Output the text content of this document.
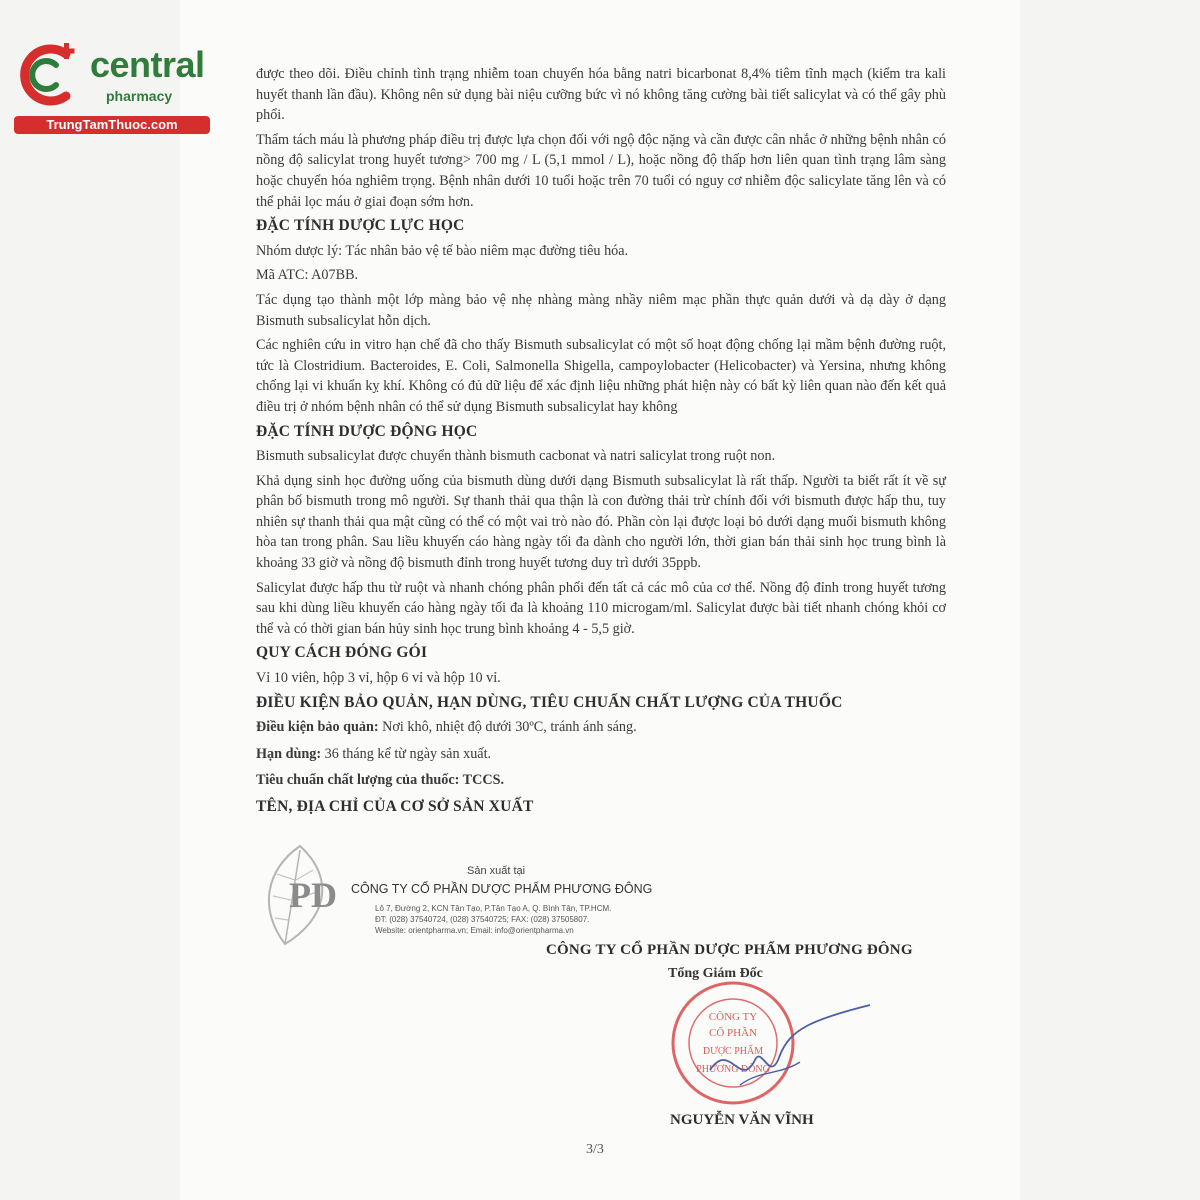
central
pharmacy
TrungTamThuoc.com

được theo dõi. Điều chỉnh tình trạng nhiễm toan chuyển hóa bằng natri bicarbonat 8,4% tiêm tĩnh mạch (kiểm tra kali huyết thanh lần đầu). Không nên sử dụng bài niệu cưỡng bức vì nó không tăng cường bài tiết salicylat và có thể gây phù phổi.

Thẩm tách máu là phương pháp điều trị được lựa chọn đối với ngộ độc nặng và cần được cân nhắc ở những bệnh nhân có nồng độ salicylat trong huyết tương> 700 mg / L (5,1 mmol / L), hoặc nồng độ thấp hơn liên quan tình trạng lâm sàng hoặc chuyển hóa nghiêm trọng. Bệnh nhân dưới 10 tuổi hoặc trên 70 tuổi có nguy cơ nhiễm độc salicylate tăng lên và có thể phải lọc máu ở giai đoạn sớm hơn.

ĐẶC TÍNH DƯỢC LỰC HỌC

Nhóm dược lý: Tác nhân bảo vệ tế bào niêm mạc đường tiêu hóa.

Mã ATC: A07BB.

Tác dụng tạo thành một lớp màng bảo vệ nhẹ nhàng màng nhầy niêm mạc phần thực quản dưới và dạ dày ở dạng Bismuth subsalicylat hỗn dịch.

Các nghiên cứu in vitro hạn chế đã cho thấy Bismuth subsalicylat có một số hoạt động chống lại mầm bệnh đường ruột, tức là Clostridium. Bacteroides, E. Coli, Salmonella Shigella, campoylobacter (Helicobacter) và Yersina, nhưng không chống lại vi khuẩn kỵ khí. Không có đủ dữ liệu để xác định liệu những phát hiện này có bất kỳ liên quan nào đến kết quả điều trị ở nhóm bệnh nhân có thể sử dụng Bismuth subsalicylat hay không

ĐẶC TÍNH DƯỢC ĐỘNG HỌC

Bismuth subsalicylat được chuyển thành bismuth cacbonat và natri salicylat trong ruột non.

Khả dụng sinh học đường uống của bismuth dùng dưới dạng Bismuth subsalicylat là rất thấp. Người ta biết rất ít về sự phân bố bismuth trong mô người. Sự thanh thải qua thận là con đường thải trừ chính đối với bismuth được hấp thu, tuy nhiên sự thanh thải qua mật cũng có thể có một vai trò nào đó. Phần còn lại được loại bỏ dưới dạng muối bismuth không hòa tan trong phân. Sau liều khuyến cáo hàng ngày tối đa dành cho người lớn, thời gian bán thải sinh học trung bình là khoảng 33 giờ và nồng độ bismuth đỉnh trong huyết tương duy trì dưới 35ppb.

Salicylat được hấp thu từ ruột và nhanh chóng phân phối đến tất cả các mô của cơ thể. Nồng độ đỉnh trong huyết tương sau khi dùng liều khuyến cáo hàng ngày tối đa là khoảng 110 microgam/ml. Salicylat được bài tiết nhanh chóng khỏi cơ thể và có thời gian bán hủy sinh học trung bình khoảng 4 - 5,5 giờ.

QUY CÁCH ĐÓNG GÓI

Vỉ 10 viên, hộp 3 vỉ, hộp 6 vỉ và hộp 10 vỉ.

ĐIỀU KIỆN BẢO QUẢN, HẠN DÙNG, TIÊU CHUẨN CHẤT LƯỢNG CỦA THUỐC

Điều kiện bảo quản: Nơi khô, nhiệt độ dưới 30ºC, tránh ánh sáng.

Hạn dùng: 36 tháng kể từ ngày sản xuất.

Tiêu chuẩn chất lượng của thuốc: TCCS.

TÊN, ĐỊA CHỈ CỦA CƠ SỞ SẢN XUẤT
Sản xuất tại
PD CÔNG TY CỔ PHẦN DƯỢC PHẨM PHƯƠNG ĐÔNG
Lô 7, Đường 2, KCN Tân Tạo, P.Tân Tạo A, Q. Bình Tân, TP.HCM.
ĐT: (028) 37540724, (028) 37540725; FAX: (028) 37505807.
Website: orientpharma.vn; Email: info@orientpharma.vn
CÔNG TY CỔ PHẦN DƯỢC PHẨM PHƯƠNG ĐÔNG
Tổng Giám Đốc
CÔNG TY
CỔ PHẦN
DƯỢC PHẨM
PHƯƠNG ĐÔNG
NGUYỄN VĂN VĨNH
3/3
